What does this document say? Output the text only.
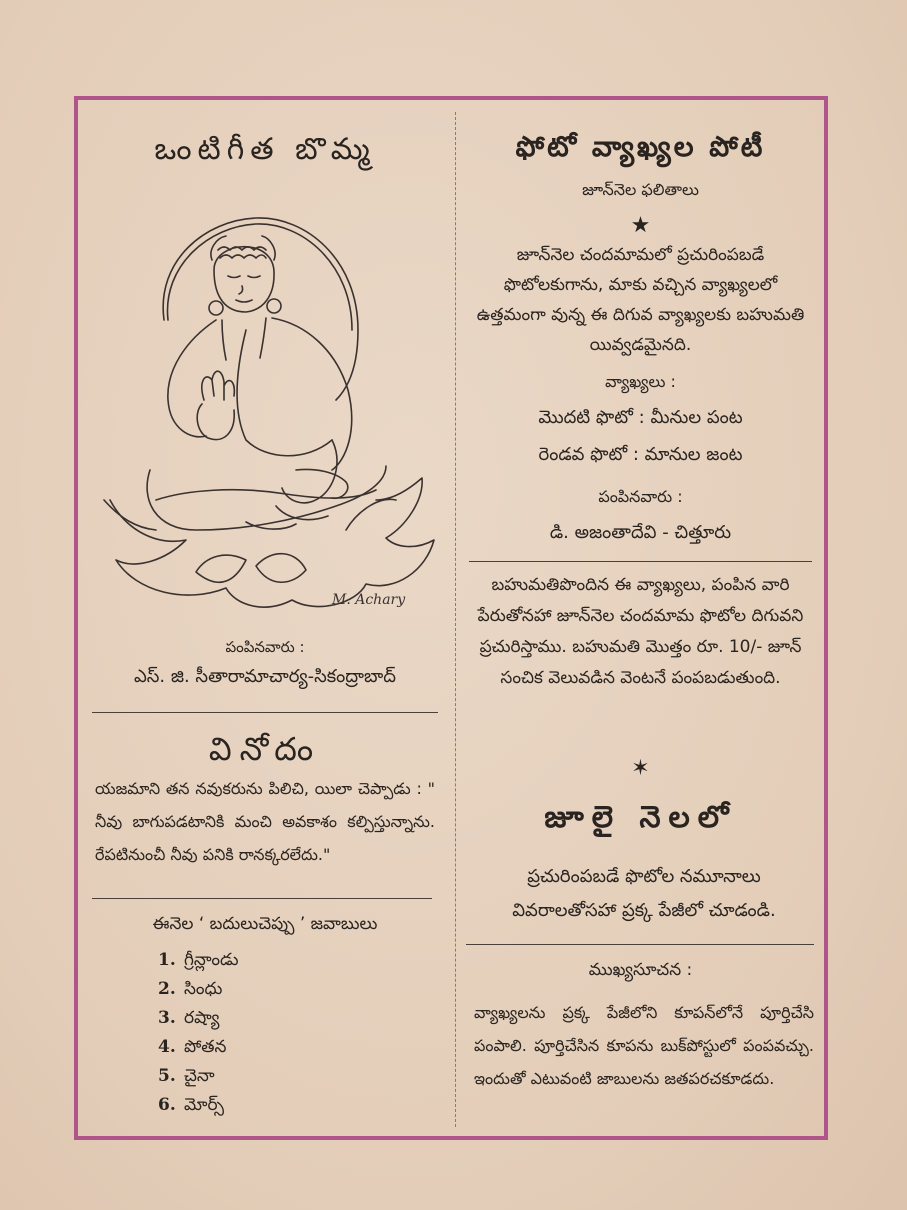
ఒంటిగీత బొమ్మ
M. Achary
పంపినవారు :
ఎస్. జి. సీతారామాచార్య-సికంద్రాబాద్
వినోదం
యజమాని తన నవుకరును పిలిచి, యిలా చెప్పాడు : " నీవు బాగుపడటానికి మంచి అవకాశం కల్పిస్తున్నాను. రేపటినుంచీ నీవు పనికి రానక్కరలేదు."
ఈనెల ‘ బదులుచెప్పు ’ జవాబులు
1. గ్రీన్లాండు
2. సింధు
3. రష్యా
4. పోతన
5. చైనా
6. మోర్స్
ఫోటో వ్యాఖ్యల పోటీ
జూన్‌నెల ఫలితాలు
★
జూన్‌నెల చందమామలో ప్రచురింపబడే ఫొటోలకుగాను, మాకు వచ్చిన వ్యాఖ్యలలో ఉత్తమంగా వున్న ఈ దిగువ వ్యాఖ్యలకు బహుమతి యివ్వడమైనది.
వ్యాఖ్యలు :
మొదటి ఫొటో : మీనుల పంట
రెండవ ఫొటో : మానుల జంట
పంపినవారు :
డి. అజంతాదేవి - చిత్తూరు
బహుమతిపొందిన ఈ వ్యాఖ్యలు, పంపిన వారి పేరుతోనహా జూన్‌నెల చందమామ ఫొటోల దిగువని ప్రచురిస్తాము. బహుమతి మొత్తం రూ. 10/- జూన్ సంచిక వెలువడిన వెంటనే పంపబడుతుంది.
✶
జూలై నెలలో
ప్రచురింపబడే ఫొటోల నమూనాలు వివరాలతోసహా ప్రక్క పేజీలో చూడండి.
ముఖ్యసూచన :
వ్యాఖ్యలను ప్రక్క పేజీలోని కూపన్‌లోనే పూర్తిచేసి పంపాలి. పూర్తిచేసిన కూపను బుక్‌పోస్టులో పంపవచ్చు. ఇందుతో ఎటువంటి జాబులను జతపరచకూడదు.
